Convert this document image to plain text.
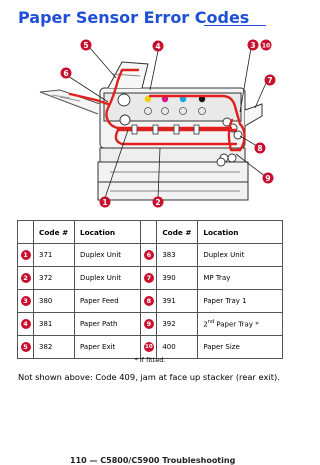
Paper Sensor Error Codes
1	2
3
4
5
6
7
8
9
10
	Code #	Location		Code #	Location
1	371	Duplex Unit	6	383	Duplex Unit
2	372	Duplex Unit	7	390	MP Tray
3	380	Paper Feed	8	391	Paper Tray 1
4	381	Paper Path	9	392	2nd Paper Tray *
5	382	Paper Exit	10	400	Paper Size
* If fitted.
Not shown above: Code 409, jam at face up stacker (rear exit).
110 — C5800/C5900 Troubleshooting
